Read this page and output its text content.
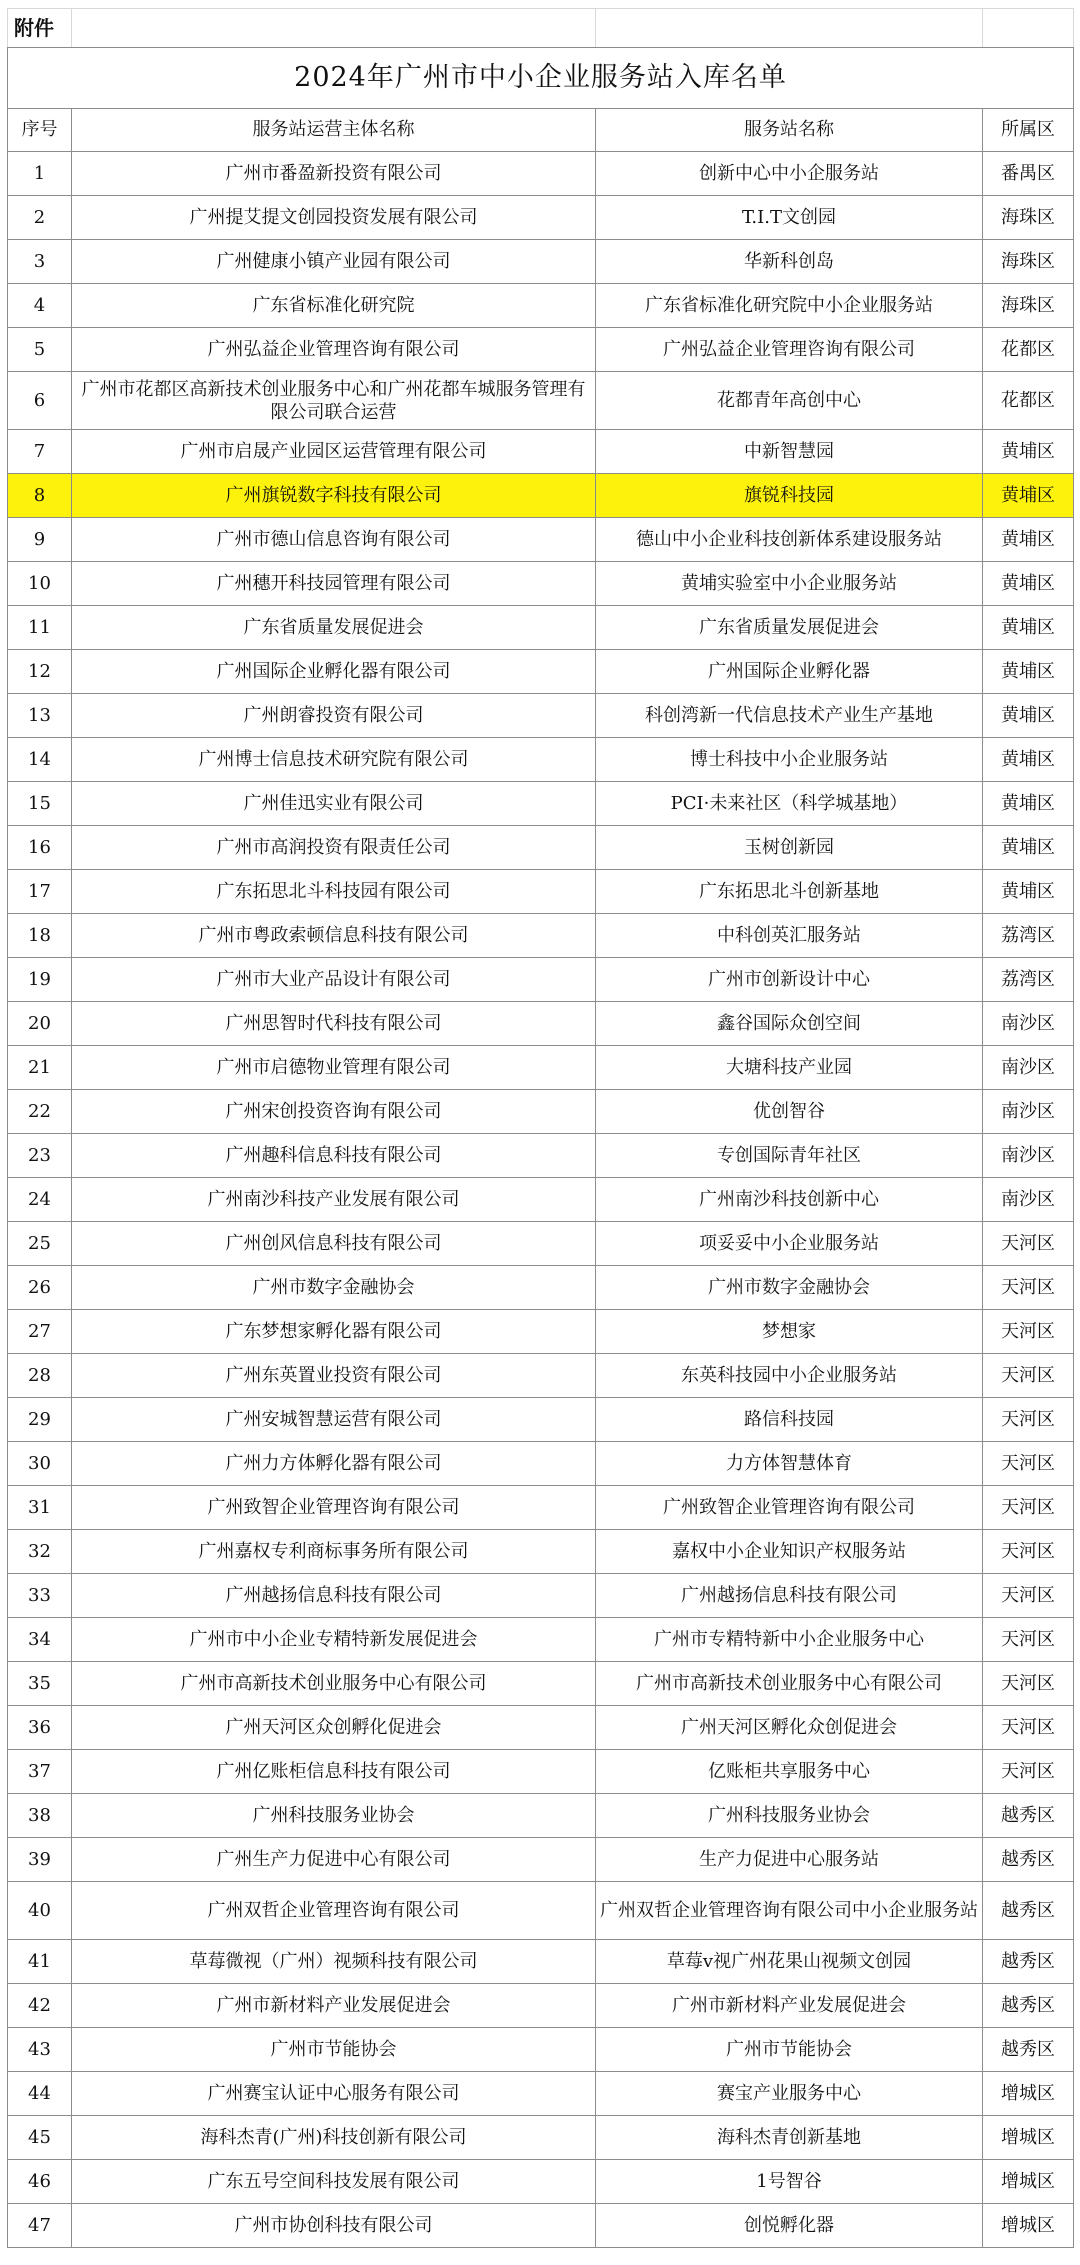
附件			
2024年广州市中小企业服务站入库名单			
序号	服务站运营主体名称	服务站名称	所属区
1	广州市番盈新投资有限公司	创新中心中小企服务站	番禺区
2	广州提艾提文创园投资发展有限公司	T.I.T文创园	海珠区
3	广州健康小镇产业园有限公司	华新科创岛	海珠区
4	广东省标准化研究院	广东省标准化研究院中小企业服务站	海珠区
5	广州弘益企业管理咨询有限公司	广州弘益企业管理咨询有限公司	花都区
6	广州市花都区高新技术创业服务中心和广州花都车城服务管理有限公司联合运营	花都青年高创中心	花都区
7	广州市启晟产业园区运营管理有限公司	中新智慧园	黄埔区
8	广州旗锐数字科技有限公司	旗锐科技园	黄埔区
9	广州市德山信息咨询有限公司	德山中小企业科技创新体系建设服务站	黄埔区
10	广州穗开科技园管理有限公司	黄埔实验室中小企业服务站	黄埔区
11	广东省质量发展促进会	广东省质量发展促进会	黄埔区
12	广州国际企业孵化器有限公司	广州国际企业孵化器	黄埔区
13	广州朗睿投资有限公司	科创湾新一代信息技术产业生产基地	黄埔区
14	广州博士信息技术研究院有限公司	博士科技中小企业服务站	黄埔区
15	广州佳迅实业有限公司	PCI·未来社区（科学城基地）	黄埔区
16	广州市高润投资有限责任公司	玉树创新园	黄埔区
17	广东拓思北斗科技园有限公司	广东拓思北斗创新基地	黄埔区
18	广州市粤政索顿信息科技有限公司	中科创英汇服务站	荔湾区
19	广州市大业产品设计有限公司	广州市创新设计中心	荔湾区
20	广州思智时代科技有限公司	鑫谷国际众创空间	南沙区
21	广州市启德物业管理有限公司	大塘科技产业园	南沙区
22	广州宋创投资咨询有限公司	优创智谷	南沙区
23	广州趣科信息科技有限公司	专创国际青年社区	南沙区
24	广州南沙科技产业发展有限公司	广州南沙科技创新中心	南沙区
25	广州创风信息科技有限公司	项妥妥中小企业服务站	天河区
26	广州市数字金融协会	广州市数字金融协会	天河区
27	广东梦想家孵化器有限公司	梦想家	天河区
28	广州东英置业投资有限公司	东英科技园中小企业服务站	天河区
29	广州安城智慧运营有限公司	路信科技园	天河区
30	广州力方体孵化器有限公司	力方体智慧体育	天河区
31	广州致智企业管理咨询有限公司	广州致智企业管理咨询有限公司	天河区
32	广州嘉权专利商标事务所有限公司	嘉权中小企业知识产权服务站	天河区
33	广州越扬信息科技有限公司	广州越扬信息科技有限公司	天河区
34	广州市中小企业专精特新发展促进会	广州市专精特新中小企业服务中心	天河区
35	广州市高新技术创业服务中心有限公司	广州市高新技术创业服务中心有限公司	天河区
36	广州天河区众创孵化促进会	广州天河区孵化众创促进会	天河区
37	广州亿账柜信息科技有限公司	亿账柜共享服务中心	天河区
38	广州科技服务业协会	广州科技服务业协会	越秀区
39	广州生产力促进中心有限公司	生产力促进中心服务站	越秀区
40	广州双哲企业管理咨询有限公司	广州双哲企业管理咨询有限公司中小企业服务站	越秀区
41	草莓微视（广州）视频科技有限公司	草莓v视广州花果山视频文创园	越秀区
42	广州市新材料产业发展促进会	广州市新材料产业发展促进会	越秀区
43	广州市节能协会	广州市节能协会	越秀区
44	广州赛宝认证中心服务有限公司	赛宝产业服务中心	增城区
45	海科杰青(广州)科技创新有限公司	海科杰青创新基地	增城区
46	广东五号空间科技发展有限公司	1号智谷	增城区
47	广州市协创科技有限公司	创悦孵化器	增城区
